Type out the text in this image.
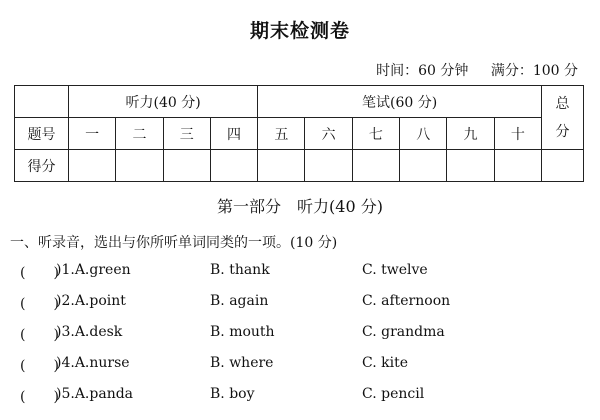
期末检测卷
时间：60 分钟 满分：100 分
	听力(40 分)				笔试(60 分)						总
分
题号	一	二	三	四	五	六	七	八	九	十	
得分											
第一部分　听力(40 分)
一、听录音，选出与你所听单词同类的一项。(10 分)
(　　)
)1.A.green	B. thank	C. twelve
(　　)
)2.A.point	B. again	C. afternoon
(　　)
)3.A.desk	B. mouth	C. grandma
(　　)
)4.A.nurse	B. where	C. kite
(　　)
)5.A.panda	B. boy	C. pencil
